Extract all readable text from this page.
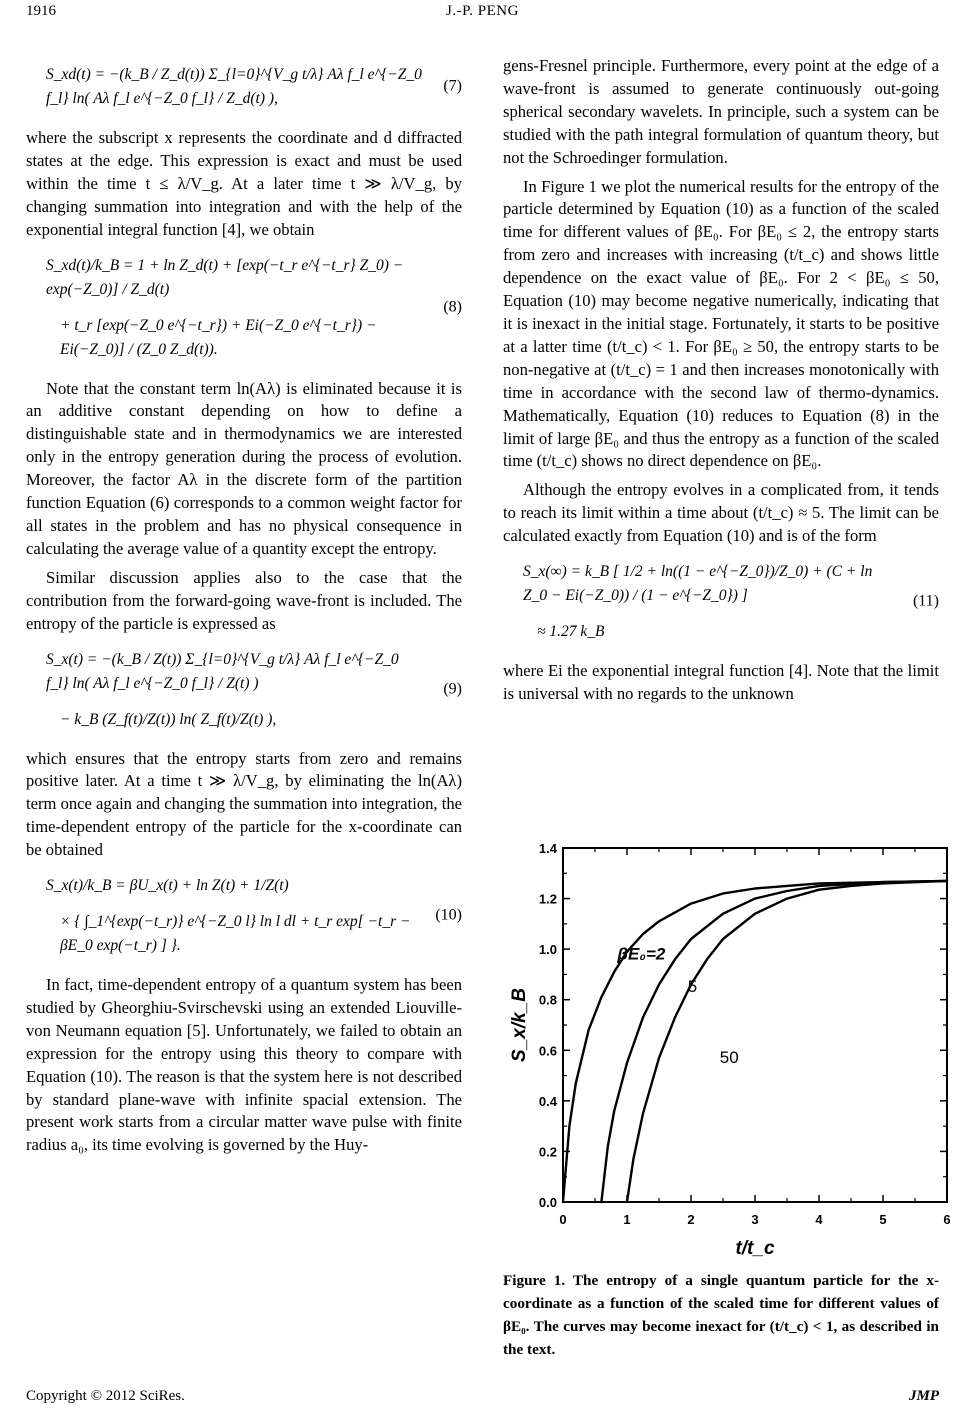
1916	J.-P. PENG
S_xd(t) = −(k_B / Z_d(t)) Σ_{l=0}^{V_g t/λ} Aλ f_l e^{−Z_0 f_l} ln( Aλ f_l e^{−Z_0 f_l} / Z_d(t) ),
(7)

where the subscript x represents the coordinate and d diffracted states at the edge. This expression is exact and must be used within the time t ≤ λ/V_g. At a later time t ≫ λ/V_g, by changing summation into integration and with the help of the exponential integral function [4], we obtain

S_xd(t)/k_B = 1 + ln Z_d(t) + [exp(−t_r e^{−t_r} Z_0) − exp(−Z_0)] / Z_d(t)
+ t_r [exp(−Z_0 e^{−t_r}) + Ei(−Z_0 e^{−t_r}) − Ei(−Z_0)] / (Z_0 Z_d(t)).
(8)

Note that the constant term ln(Aλ) is eliminated because it is an additive constant depending on how to define a distinguishable state and in thermodynamics we are interested only in the entropy generation during the process of evolution. Moreover, the factor Aλ in the discrete form of the partition function Equation (6) corresponds to a common weight factor for all states in the problem and has no physical consequence in calculating the average value of a quantity except the entropy.

Similar discussion applies also to the case that the contribution from the forward-going wave-front is included. The entropy of the particle is expressed as

S_x(t) = −(k_B / Z(t)) Σ_{l=0}^{V_g t/λ} Aλ f_l e^{−Z_0 f_l} ln( Aλ f_l e^{−Z_0 f_l} / Z(t) )
− k_B (Z_f(t)/Z(t)) ln( Z_f(t)/Z(t) ),
(9)

which ensures that the entropy starts from zero and remains positive later. At a time t ≫ λ/V_g, by eliminating the ln(Aλ) term once again and changing the summation into integration, the time-dependent entropy of the particle for the x-coordinate can be obtained

S_x(t)/k_B = βU_x(t) + ln Z(t) + 1/Z(t)
× { ∫_1^{exp(−t_r)} e^{−Z_0 l} ln l dl + t_r exp[ −t_r − βE_0 exp(−t_r) ] }.
(10)

In fact, time-dependent entropy of a quantum system has been studied by Gheorghiu-Svirschevski using an extended Liouville-von Neumann equation [5]. Unfortunately, we failed to obtain an expression for the entropy using this theory to compare with Equation (10). The reason is that the system here is not described by standard plane-wave with infinite spacial extension. The present work starts from a circular matter wave pulse with finite radius a₀, its time evolving is governed by the Huy-

gens-Fresnel principle. Furthermore, every point at the edge of a wave-front is assumed to generate continuously out-going spherical secondary wavelets. In principle, such a system can be studied with the path integral formulation of quantum theory, but not the Schroedinger formulation.

In Figure 1 we plot the numerical results for the entropy of the particle determined by Equation (10) as a function of the scaled time for different values of βE₀. For βE₀ ≤ 2, the entropy starts from zero and increases with increasing (t/t_c) and shows little dependence on the exact value of βE₀. For 2 < βE₀ ≤ 50, Equation (10) may become negative numerically, indicating that it is inexact in the initial stage. Fortunately, it starts to be positive at a latter time (t/t_c) < 1. For βE₀ ≥ 50, the entropy starts to be non-negative at (t/t_c) = 1 and then increases monotonically with time in accordance with the second law of thermo-dynamics. Mathematically, Equation (10) reduces to Equation (8) in the limit of large βE₀ and thus the entropy as a function of the scaled time (t/t_c) shows no direct dependence on βE₀.

Although the entropy evolves in a complicated from, it tends to reach its limit within a time about (t/t_c) ≈ 5. The limit can be calculated exactly from Equation (10) and is of the form

S_x(∞) = k_B [ 1/2 + ln((1 − e^{−Z_0})/Z_0) + (C + ln Z_0 − Ei(−Z_0)) / (1 − e^{−Z_0}) ]
≈ 1.27 k_B
(11)

where Ei the exponential integral function [4]. Note that the limit is universal with no regards to the unknown

0	1	2	3	4	5	6
0.0
0.2
0.4
0.6
0.8
1.0
1.2
1.4
βE₀=2
5
50
t/t_c
S_x/k_B
Figure 1. The entropy of a single quantum particle for the x-coordinate as a function of the scaled time for different values of βE₀. The curves may become inexact for (t/t_c) < 1, as described in the text.
Copyright © 2012 SciRes.	JMP
